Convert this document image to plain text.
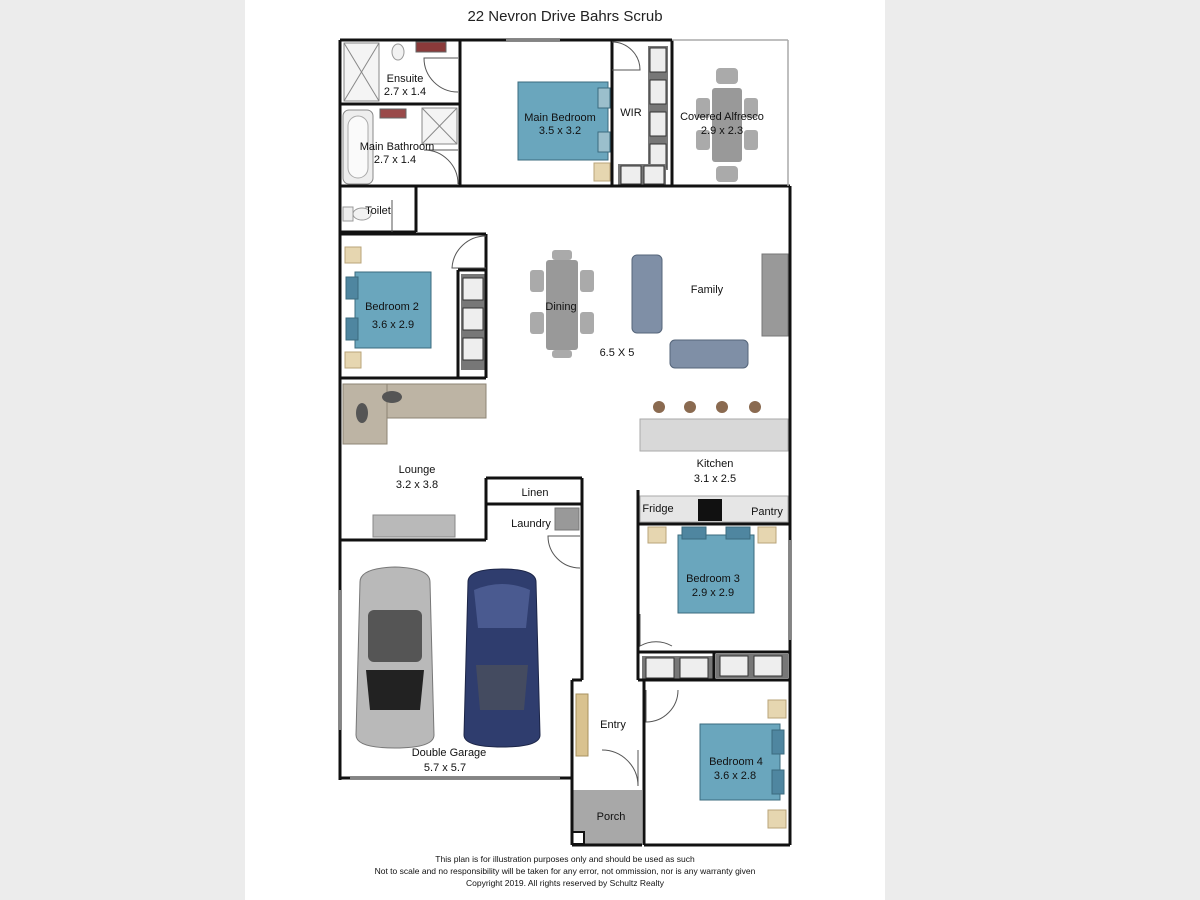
22 Nevron Drive Bahrs Scrub
Ensuite
2.7 x 1.4
Main Bathroom
2.7 x 1.4
Main Bedroom
3.5 x 3.2
WIR	Covered Alfresco
2.9 x 2.3
Toilet
Bedroom 2
3.6 x 2.9
Dining
Family
6.5 X 5
Lounge
3.2 x 3.8
Linen
Laundry
Kitchen
3.1 x 2.5
Fridge	Pantry
Bedroom 3
2.9 x 2.9
Double Garage
5.7 x 5.7
Entry
Bedroom 4
3.6 x 2.8
Porch
This plan is for illustration purposes only and should be used as such
Not to scale and no responsibility will be taken for any error, not ommission, nor is any warranty given
Copyright 2019. All rights reserved by Schultz Realty
